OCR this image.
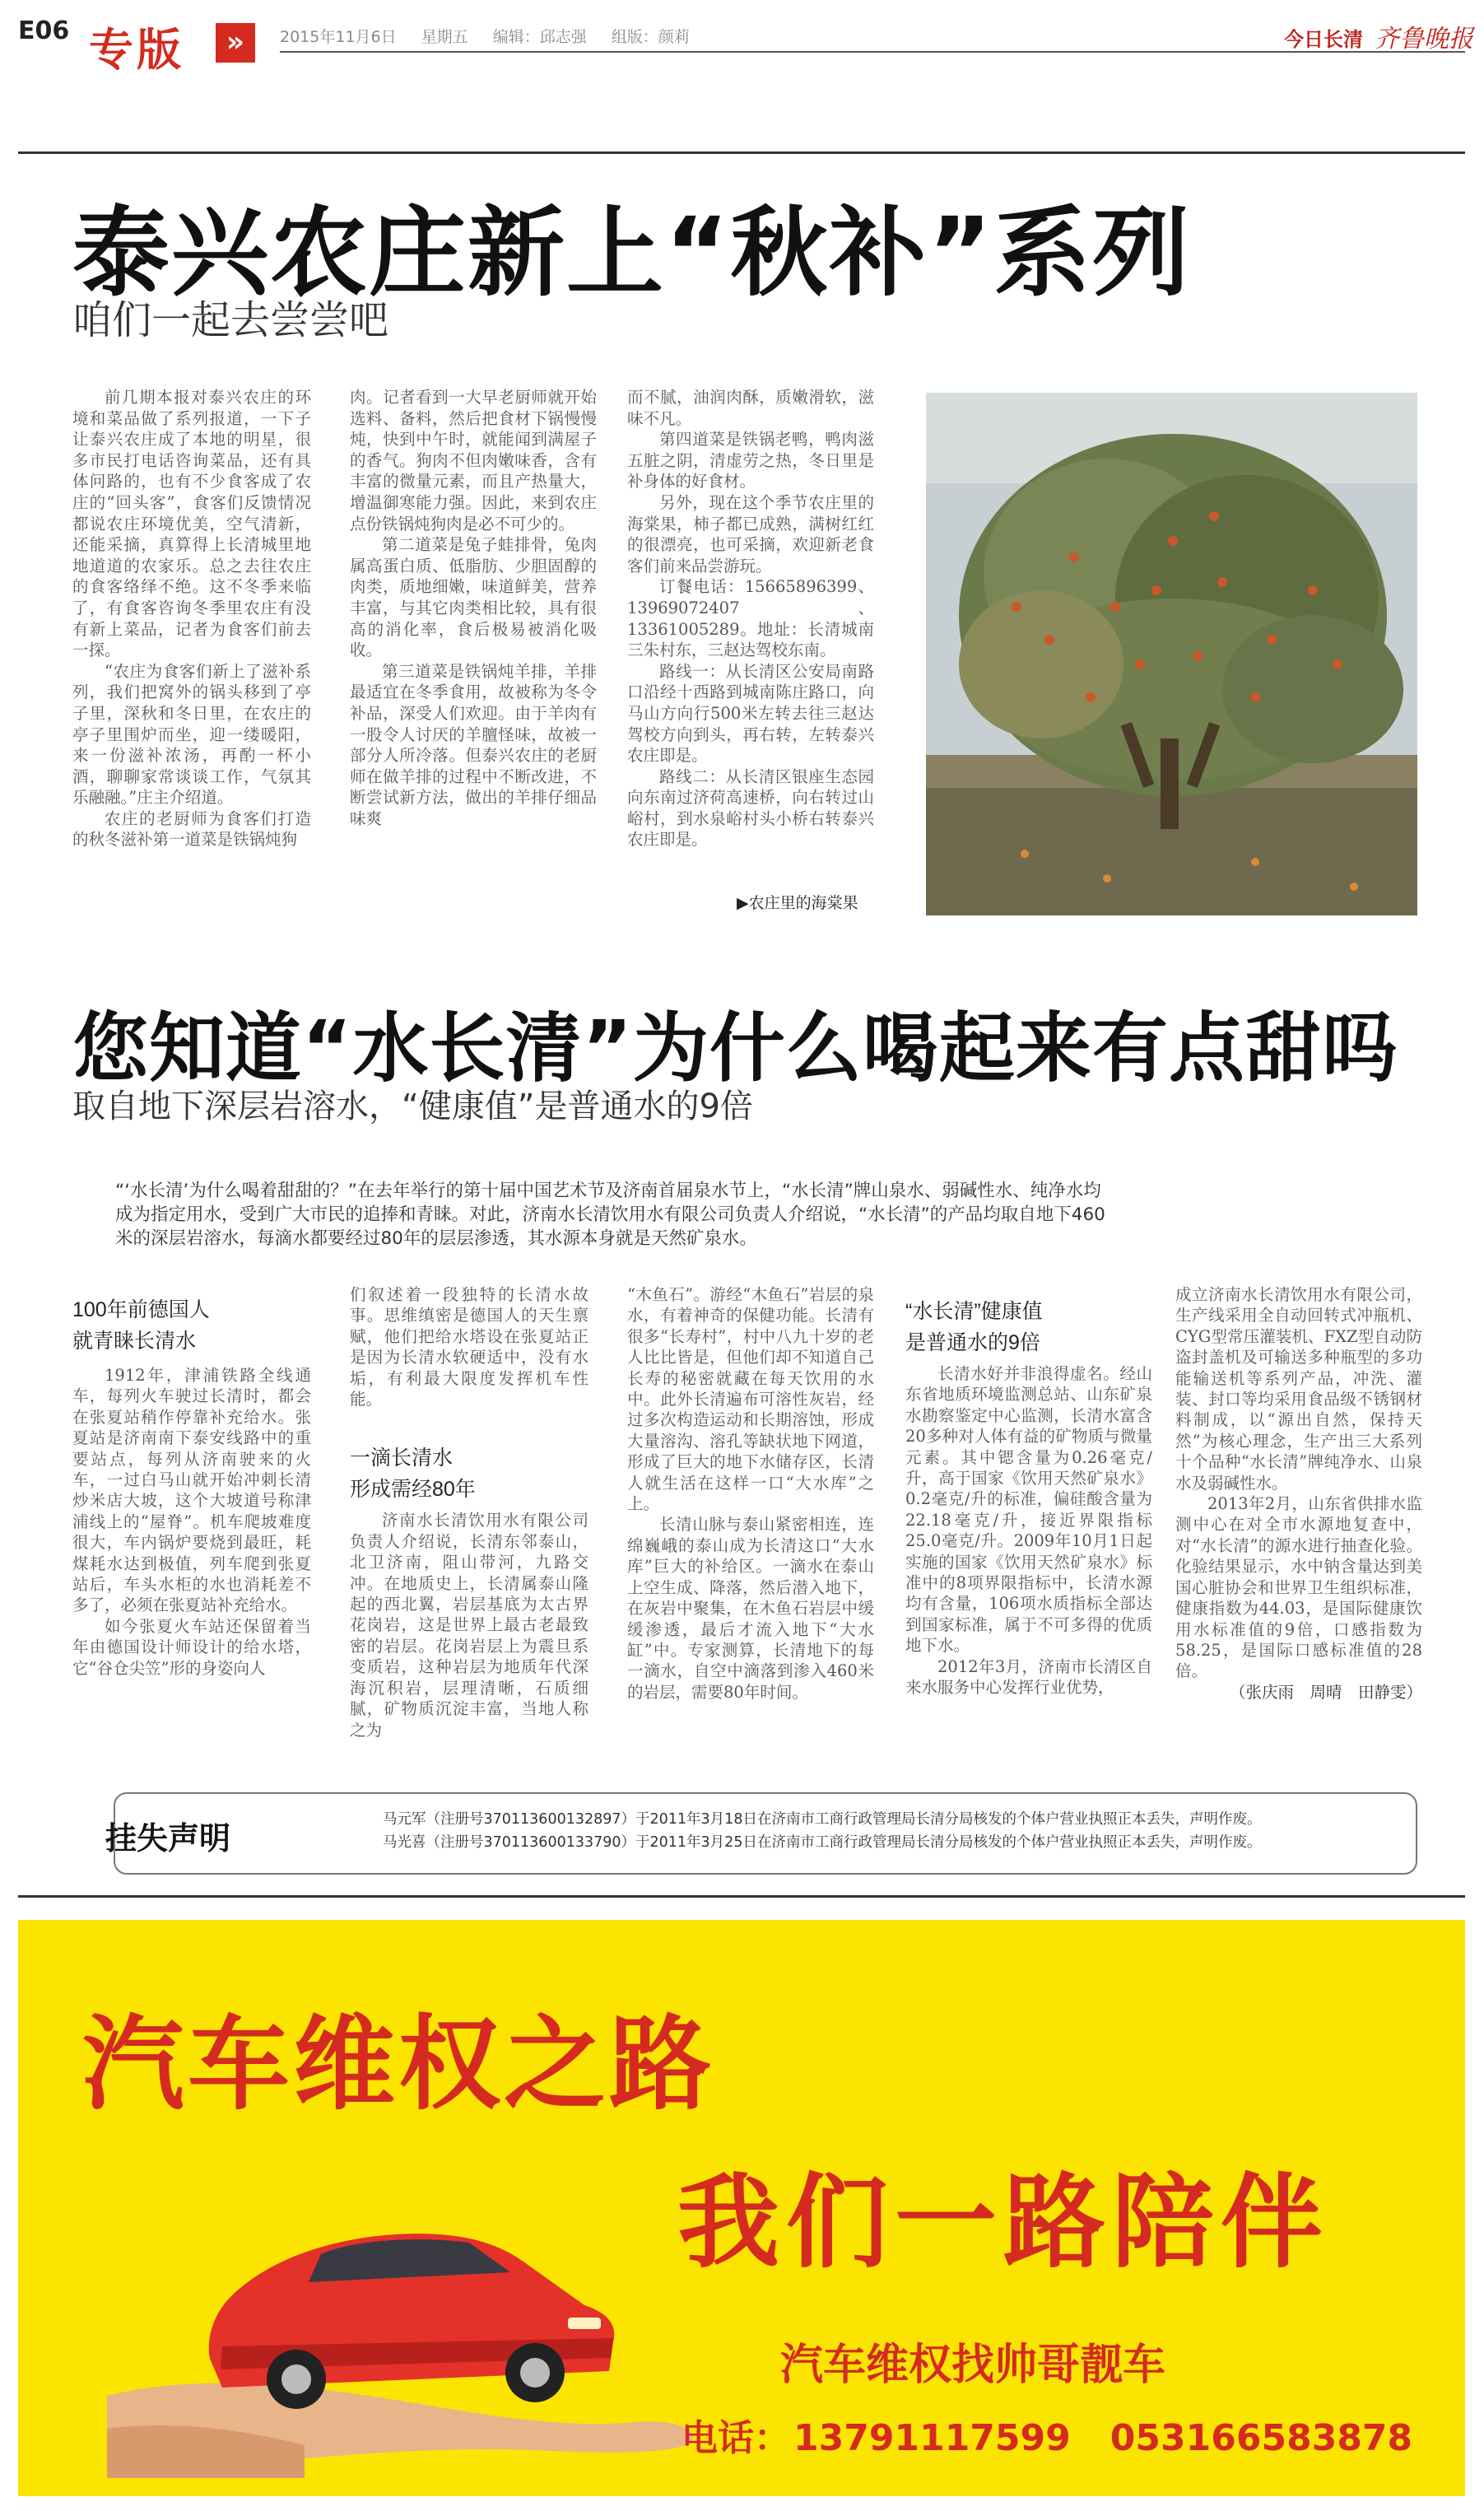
E06 专版	»	2015年11月6日 星期五 编辑：邱志强 组版：颜莉	今日长清 齐鲁晚报
泰兴农庄新上“秋补”系列
咱们一起去尝尝吧

前几期本报对泰兴农庄的环境和菜品做了系列报道，一下子让泰兴农庄成了本地的明星，很多市民打电话咨询菜品，还有具体问路的，也有不少食客成了农庄的“回头客”，食客们反馈情况都说农庄环境优美，空气清新，还能采摘，真算得上长清城里地地道道的农家乐。总之去往农庄的食客络绎不绝。这不冬季来临了，有食客咨询冬季里农庄有没有新上菜品，记者为食客们前去一探。

“农庄为食客们新上了滋补系列，我们把窝外的锅头移到了亭子里，深秋和冬日里，在农庄的亭子里围炉而坐，迎一缕暖阳，来一份滋补浓汤，再酌一杯小酒，聊聊家常谈谈工作，气氛其乐融融。”庄主介绍道。

农庄的老厨师为食客们打造的秋冬滋补第一道菜是铁锅炖狗

肉。记者看到一大早老厨师就开始选料、备料，然后把食材下锅慢慢炖，快到中午时，就能闻到满屋子的香气。狗肉不但肉嫩味香，含有丰富的微量元素，而且产热量大，增温御寒能力强。因此，来到农庄点份铁锅炖狗肉是必不可少的。

第二道菜是兔子蛙排骨，兔肉属高蛋白质、低脂肪、少胆固醇的肉类，质地细嫩，味道鲜美，营养丰富，与其它肉类相比较，具有很高的消化率，食后极易被消化吸收。

第三道菜是铁锅炖羊排，羊排最适宜在冬季食用，故被称为冬令补品，深受人们欢迎。由于羊肉有一股令人讨厌的羊膻怪味，故被一部分人所冷落。但泰兴农庄的老厨师在做羊排的过程中不断改进，不断尝试新方法，做出的羊排仔细品味爽

而不腻，油润肉酥，质嫩滑软，滋味不凡。

第四道菜是铁锅老鸭，鸭肉滋五脏之阴，清虚劳之热，冬日里是补身体的好食材。

另外，现在这个季节农庄里的海棠果，柿子都已成熟，满树红红的很漂亮，也可采摘，欢迎新老食客们前来品尝游玩。

订餐电话：15665896399、13969072407、13361005289。地址：长清城南三朱村东，三赵达驾校东南。

路线一：从长清区公安局南路口沿经十西路到城南陈庄路口，向马山方向行500米左转去往三赵达驾校方向到头，再右转，左转泰兴农庄即是。

路线二：从长清区银座生态园向东南过济荷高速桥，向右转过山峪村，到水泉峪村头小桥右转泰兴农庄即是。

▶农庄里的海棠果
您知道“水长清”为什么喝起来有点甜吗
取自地下深层岩溶水，“健康值”是普通水的9倍
“‘水长清’为什么喝着甜甜的？”在去年举行的第十届中国艺术节及济南首届泉水节上，“水长清”牌山泉水、弱碱性水、纯净水均成为指定用水，受到广大市民的追捧和青睐。对此，济南水长清饮用水有限公司负责人介绍说，“水长清”的产品均取自地下460米的深层岩溶水，每滴水都要经过80年的层层渗透，其水源本身就是天然矿泉水。
100年前德国人
就青睐长清水

1912年，津浦铁路全线通车，每列火车驶过长清时，都会在张夏站稍作停靠补充给水。张夏站是济南南下泰安线路中的重要站点，每列从济南驶来的火车，一过白马山就开始冲刺长清炒米店大坡，这个大坡道号称津浦线上的“屋脊”。机车爬坡难度很大，车内锅炉要烧到最旺，耗煤耗水达到极值，列车爬到张夏站后，车头水柜的水也消耗差不多了，必须在张夏站补充给水。

如今张夏火车站还保留着当年由德国设计师设计的给水塔，它“谷仓尖笠”形的身姿向人

们叙述着一段独特的长清水故事。思维缜密是德国人的天生禀赋，他们把给水塔设在张夏站正是因为长清水软硬适中，没有水垢，有利最大限度发挥机车性能。

一滴长清水
形成需经80年

济南水长清饮用水有限公司负责人介绍说，长清东邻泰山，北卫济南，阻山带河，九路交冲。在地质史上，长清属泰山隆起的西北翼，岩层基底为太古界花岗岩，这是世界上最古老最致密的岩层。花岗岩层上为震旦系变质岩，这种岩层为地质年代深海沉积岩，层理清晰，石质细腻，矿物质沉淀丰富，当地人称之为

“木鱼石”。游经“木鱼石”岩层的泉水，有着神奇的保健功能。长清有很多“长寿村”，村中八九十岁的老人比比皆是，但他们却不知道自己长寿的秘密就藏在每天饮用的水中。此外长清遍布可溶性灰岩，经过多次构造运动和长期溶蚀，形成大量溶沟、溶孔等缺状地下网道，形成了巨大的地下水储存区，长清人就生活在这样一口“大水库”之上。

长清山脉与泰山紧密相连，连绵巍峨的泰山成为长清这口“大水库”巨大的补给区。一滴水在泰山上空生成、降落，然后潜入地下，在灰岩中聚集，在木鱼石岩层中缓缓渗透，最后才流入地下“大水缸”中。专家测算，长清地下的每一滴水，自空中滴落到渗入460米的岩层，需要80年时间。

“水长清”健康值
是普通水的9倍

长清水好并非浪得虚名。经山东省地质环境监测总站、山东矿泉水勘察鉴定中心监测，长清水富含20多种对人体有益的矿物质与微量元素。其中锶含量为0.26毫克/升，高于国家《饮用天然矿泉水》0.2毫克/升的标准，偏硅酸含量为22.18毫克/升，接近界限指标25.0毫克/升。2009年10月1日起实施的国家《饮用天然矿泉水》标准中的8项界限指标中，长清水源均有含量，106项水质指标全部达到国家标准，属于不可多得的优质地下水。

2012年3月，济南市长清区自来水服务中心发挥行业优势，

成立济南水长清饮用水有限公司，生产线采用全自动回转式冲瓶机、CYG型常压灌装机、FXZ型自动防盗封盖机及可输送多种瓶型的多功能输送机等系列产品，冲洗、灌装、封口等均采用食品级不锈钢材料制成，以“源出自然，保持天然”为核心理念，生产出三大系列十个品种“水长清”牌纯净水、山泉水及弱碱性水。

2013年2月，山东省供排水监测中心在对全市水源地复查中，对“水长清”的源水进行抽查化验。化验结果显示，水中钠含量达到美国心脏协会和世界卫生组织标准，健康指数为44.03，是国际健康饮用水标准值的9倍，口感指数为58.25，是国际口感标准值的28倍。

（张庆雨　周晴　田静雯）

挂失声明
马元军（注册号370113600132897）于2011年3月18日在济南市工商行政管理局长清分局核发的个体户营业执照正本丢失，声明作废。
马光喜（注册号370113600133790）于2011年3月25日在济南市工商行政管理局长清分局核发的个体户营业执照正本丢失，声明作废。
汽车维权之路
我们一路陪伴
汽车维权找帅哥靓车
电话：13791117599 053166583878
